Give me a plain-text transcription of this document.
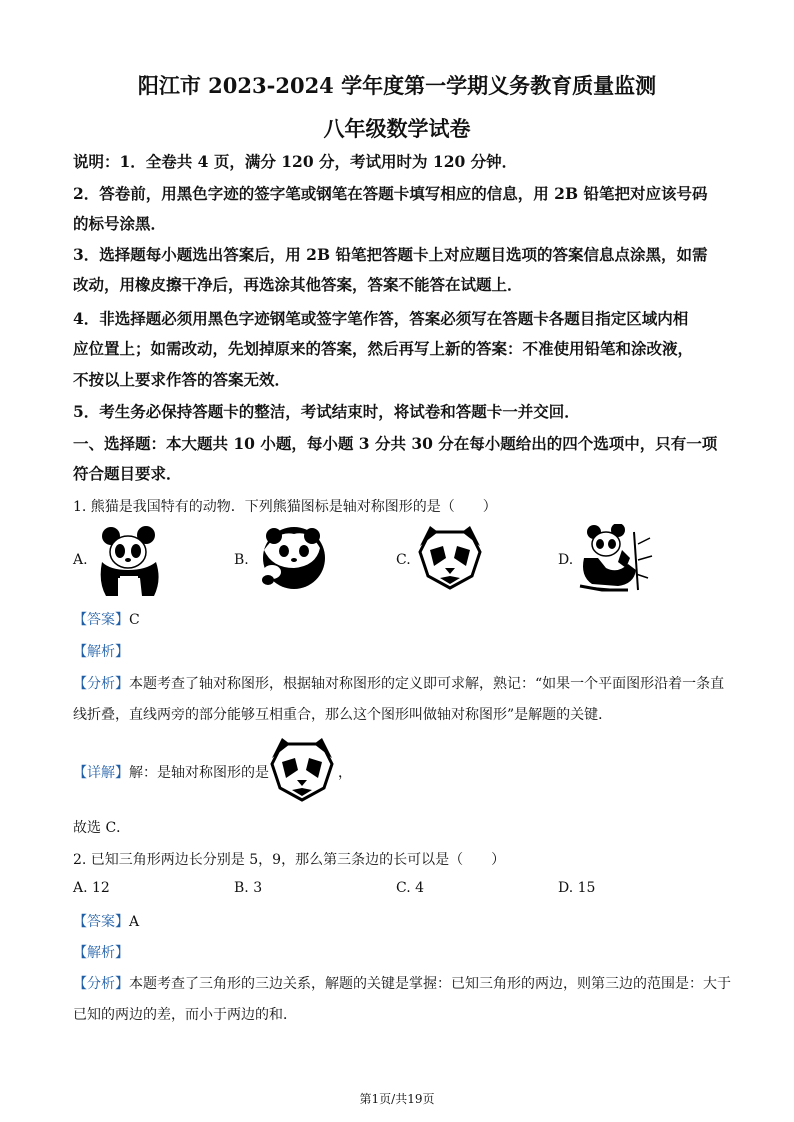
阳江市 2023-2024 学年度第一学期义务教育质量监测
八年级数学试卷
说明：1．全卷共 4 页，满分 120 分，考试用时为 120 分钟．
2．答卷前，用黑色字迹的签字笔或钢笔在答题卡填写相应的信息，用 2B 铅笔把对应该号码
的标号涂黑．
3．选择题每小题选出答案后，用 2B 铅笔把答题卡上对应题目选项的答案信息点涂黑，如需
改动，用橡皮擦干净后，再选涂其他答案，答案不能答在试题上．
4．非选择题必须用黑色字迹钢笔或签字笔作答，答案必须写在答题卡各题目指定区域内相
应位置上；如需改动，先划掉原来的答案，然后再写上新的答案：不准使用铅笔和涂改液，
不按以上要求作答的答案无效．
5．考生务必保持答题卡的整洁，考试结束时，将试卷和答题卡一并交回．
一、选择题：本大题共 10 小题，每小题 3 分共 30 分在每小题给出的四个选项中，只有一项
符合题目要求．
1. 熊猫是我国特有的动物．下列熊猫图标是轴对称图形的是（　　）
A.	B.	C.	D.
【答案】C
【解析】
【分析】本题考查了轴对称图形，根据轴对称图形的定义即可求解，熟记：“如果一个平面图形沿着一条直
线折叠，直线两旁的部分能够互相重合，那么这个图形叫做轴对称图形”是解题的关键．
【详解】解：是轴对称图形的是	，
故选 C．
2. 已知三角形两边长分别是 5，9，那么第三条边的长可以是（　　）
A. 12	B. 3	C. 4	D. 15
【答案】A
【解析】
【分析】本题考查了三角形的三边关系，解题的关键是掌握：已知三角形的两边，则第三边的范围是：大于
已知的两边的差，而小于两边的和．
第1页/共19页
